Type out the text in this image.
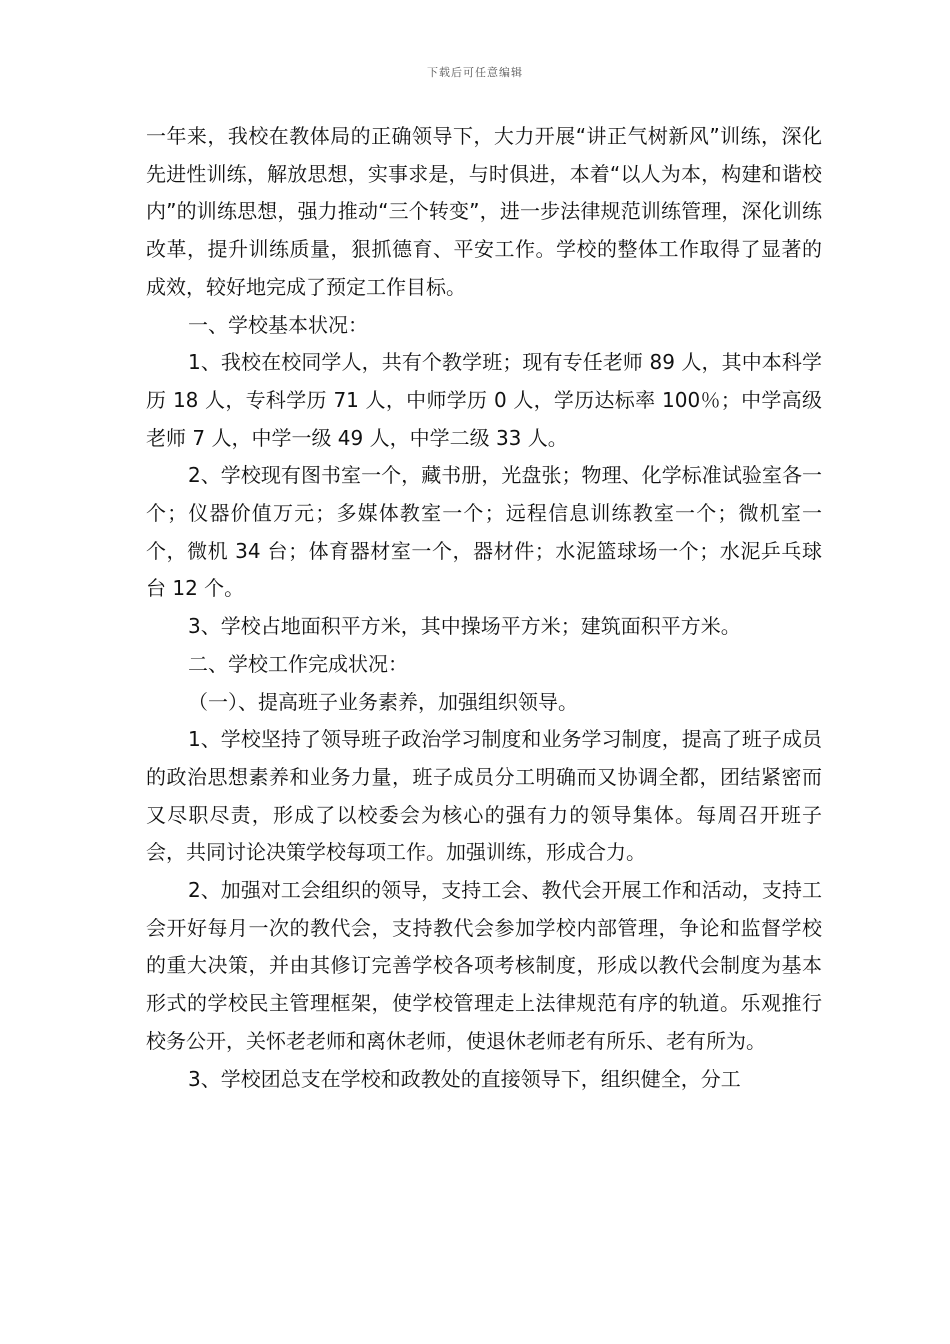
下载后可任意编辑

一年来，我校在教体局的正确领导下，大力开展“讲正气树新风”训练，深化先进性训练，解放思想，实事求是，与时俱进，本着“以人为本，构建和谐校内”的训练思想，强力推动“三个转变”，进一步法律规范训练管理，深化训练改革，提升训练质量，狠抓德育、平安工作。学校的整体工作取得了显著的成效，较好地完成了预定工作目标。

一、学校基本状况：

1、我校在校同学人，共有个教学班；现有专任老师 89 人，其中本科学历 18 人，专科学历 71 人，中师学历 0 人，学历达标率 100％；中学高级老师 7 人，中学一级 49 人，中学二级 33 人。

2、学校现有图书室一个，藏书册，光盘张；物理、化学标准试验室各一个；仪器价值万元；多媒体教室一个；远程信息训练教室一个；微机室一个，微机 34 台；体育器材室一个，器材件；水泥篮球场一个；水泥乒乓球台 12 个。

3、学校占地面积平方米，其中操场平方米；建筑面积平方米。

二、学校工作完成状况：

（一）、提高班子业务素养，加强组织领导。

1、学校坚持了领导班子政治学习制度和业务学习制度，提高了班子成员的政治思想素养和业务力量，班子成员分工明确而又协调全都，团结紧密而又尽职尽责，形成了以校委会为核心的强有力的领导集体。每周召开班子会，共同讨论决策学校每项工作。加强训练，形成合力。

2、加强对工会组织的领导，支持工会、教代会开展工作和活动，支持工会开好每月一次的教代会，支持教代会参加学校内部管理，争论和监督学校的重大决策，并由其修订完善学校各项考核制度，形成以教代会制度为基本形式的学校民主管理框架，使学校管理走上法律规范有序的轨道。乐观推行校务公开，关怀老老师和离休老师，使退休老师老有所乐、老有所为。

3、学校团总支在学校和政教处的直接领导下，组织健全，分工
